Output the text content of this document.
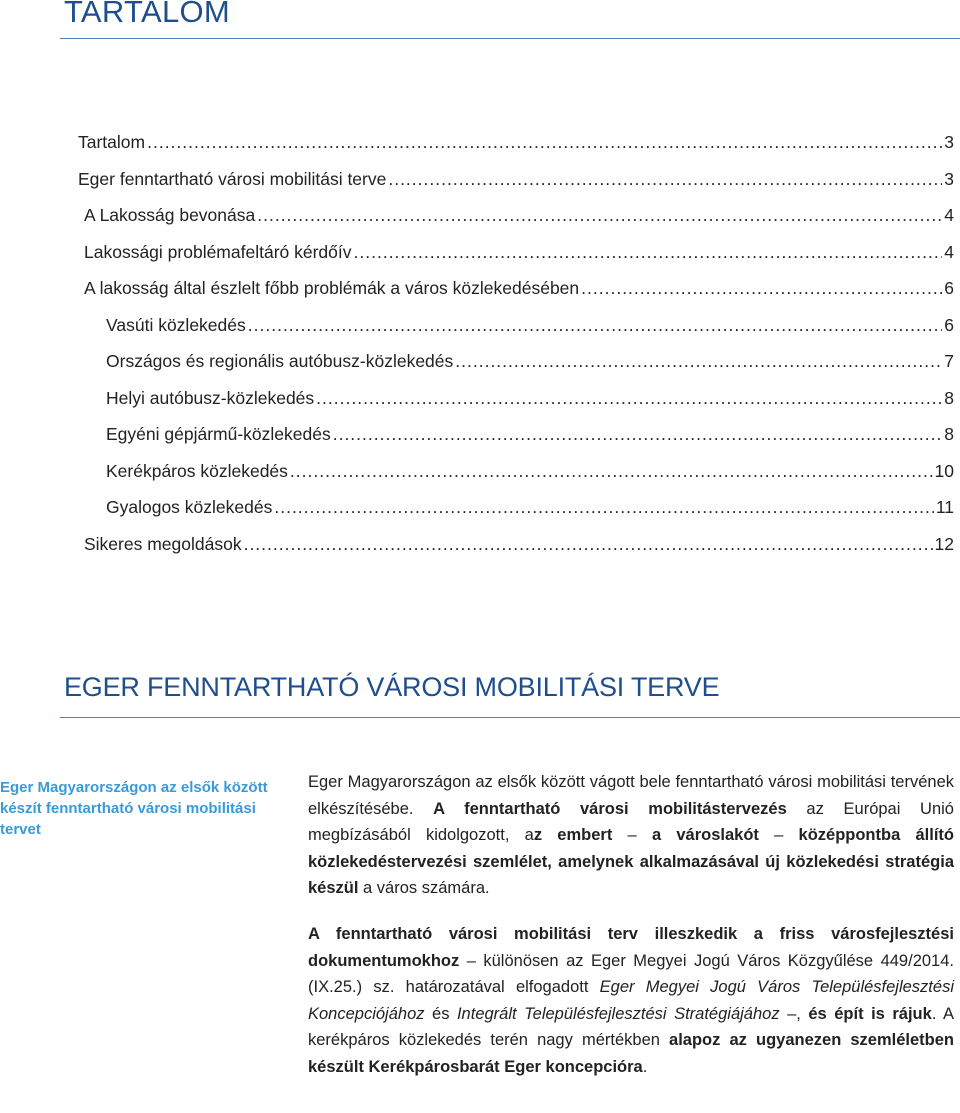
TARTALOM
Tartalom .....	3
Eger fenntartható városi mobilitási terve .....	3
A Lakosság bevonása .....	4
Lakossági problémafeltáró kérdőív .....	4
A lakosság által észlelt főbb problémák a város közlekedésében .....	6
Vasúti közlekedés .....	6
Országos és regionális autóbusz-közlekedés .....	7
Helyi autóbusz-közlekedés .....	8
Egyéni gépjármű-közlekedés .....	8
Kerékpáros közlekedés .....	10
Gyalogos közlekedés .....	11
Sikeres megoldások .....	12
EGER FENNTARTHATÓ VÁROSI MOBILITÁSI TERVE

Eger Magyarországon az elsők között készít fenntartható városi mobilitási tervet

Eger Magyarországon az elsők között vágott bele fenntartható városi mobilitási tervének elkészítésébe. A fenntartható városi mobilitástervezés az Európai Unió megbízásából kidolgozott, az embert – a városlakót – középpontba állító közlekedéstervezési szemlélet, amelynek alkalmazásával új közlekedési stratégia készül a város számára.

A fenntartható városi mobilitási terv illeszkedik a friss városfejlesztési dokumentumokhoz – különösen az Eger Megyei Jogú Város Közgyűlése 449/2014. (IX.25.) sz. határozatával elfogadott Eger Megyei Jogú Város Településfejlesztési Koncepciójához és Integrált Településfejlesztési Stratégiájához –, és épít is rájuk. A kerékpáros közlekedés terén nagy mértékben alapoz az ugyanezen szemléletben készült Kerékpárosbarát Eger koncepcióra.
